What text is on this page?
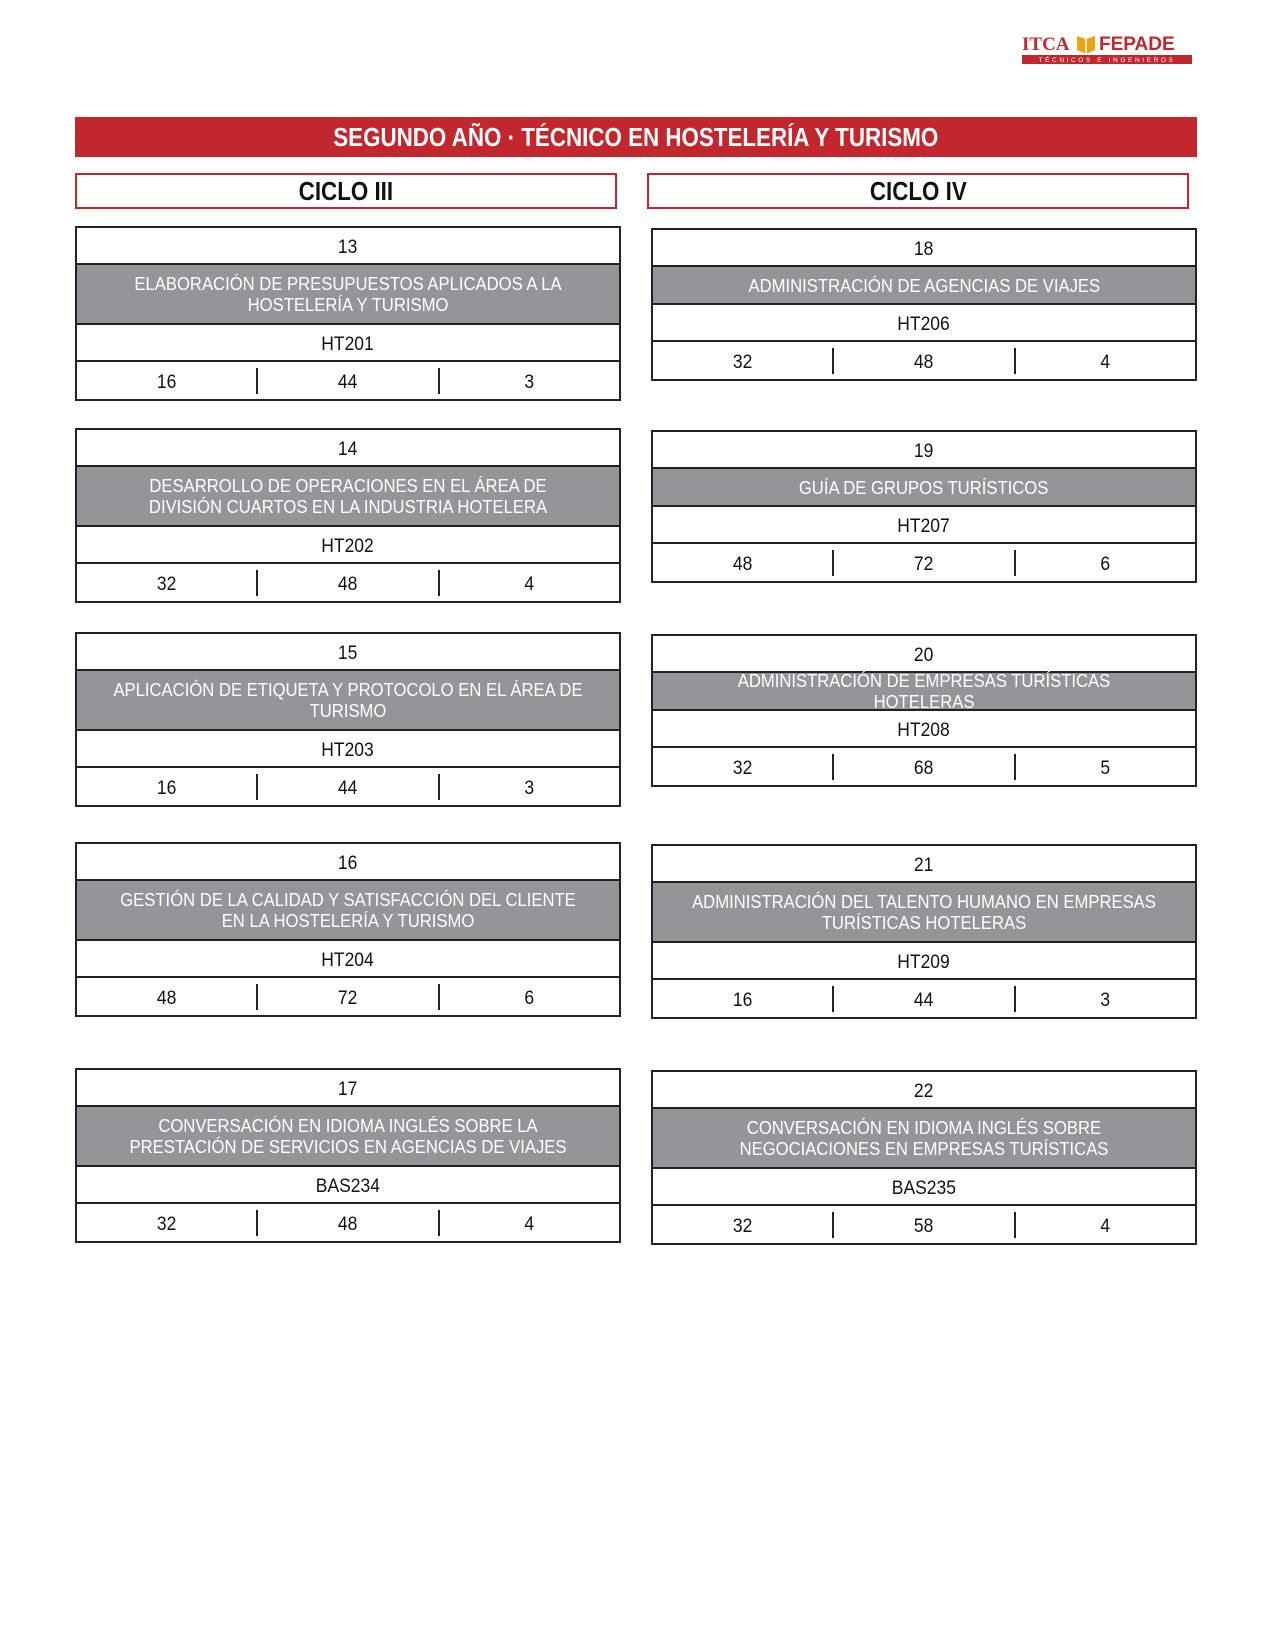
ITCA FEPADE
TÉCNICOS E INGENIEROS
SEGUNDO AÑO · TÉCNICO EN HOSTELERÍA Y TURISMO
CICLO III	CICLO IV
13
ELABORACIÓN DE PRESUPUESTOS APLICADOS A LA HOSTELERÍA Y TURISMO
HT201
16	44	3
14
DESARROLLO DE OPERACIONES EN EL ÁREA DE DIVISIÓN CUARTOS EN LA INDUSTRIA HOTELERA
HT202
32	48	4
15
APLICACIÓN DE ETIQUETA Y PROTOCOLO EN EL ÁREA DE TURISMO
HT203
16	44	3
16
GESTIÓN DE LA CALIDAD Y SATISFACCIÓN DEL CLIENTE EN LA HOSTELERÍA Y TURISMO
HT204
48	72	6
17
CONVERSACIÓN EN IDIOMA INGLÉS SOBRE LA PRESTACIÓN DE SERVICIOS EN AGENCIAS DE VIAJES
BAS234
32	48	4
18
ADMINISTRACIÓN DE AGENCIAS DE VIAJES
HT206
32	48	4
19
GUÍA DE GRUPOS TURÍSTICOS
HT207
48	72	6
20
ADMINISTRACIÓN DE EMPRESAS TURÍSTICAS HOTELERAS
HT208
32	68	5
21
ADMINISTRACIÓN DEL TALENTO HUMANO EN EMPRESAS TURÍSTICAS HOTELERAS
HT209
16	44	3
22
CONVERSACIÓN EN IDIOMA INGLÉS SOBRE NEGOCIACIONES EN EMPRESAS TURÍSTICAS
BAS235
32	58	4
